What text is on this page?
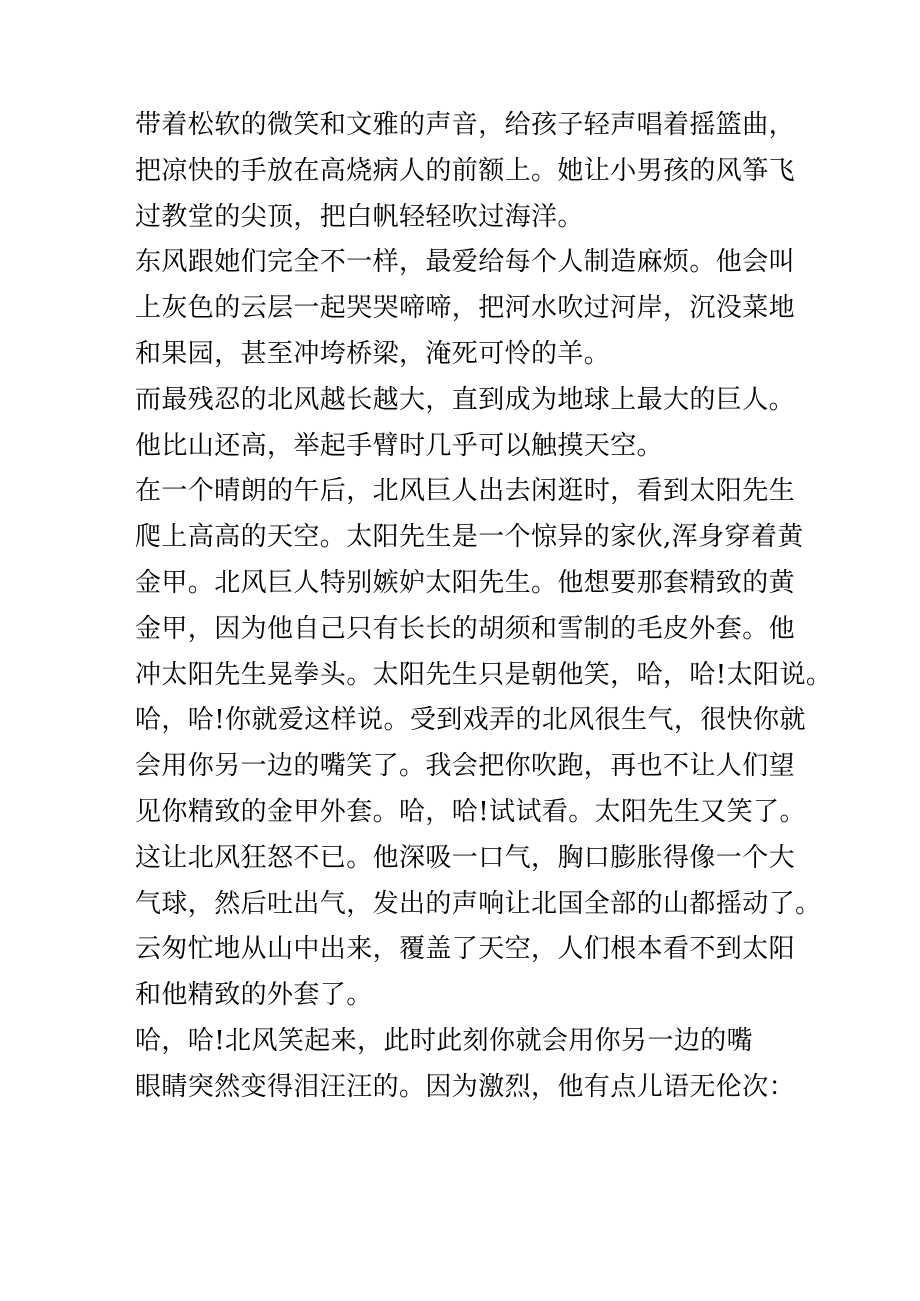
带着松软的微笑和文雅的声音，给孩子轻声唱着摇篮曲，
把凉快的手放在高烧病人的前额上。她让小男孩的风筝飞
过教堂的尖顶，把白帆轻轻吹过海洋。
东风跟她们完全不一样，最爱给每个人制造麻烦。他会叫
上灰色的云层一起哭哭啼啼，把河水吹过河岸，沉没菜地
和果园，甚至冲垮桥梁，淹死可怜的羊。
而最残忍的北风越长越大，直到成为地球上最大的巨人。
他比山还高，举起手臂时几乎可以触摸天空。
在一个晴朗的午后，北风巨人出去闲逛时，看到太阳先生
爬上高高的天空。太阳先生是一个惊异的家伙,浑身穿着黄
金甲。北风巨人特别嫉妒太阳先生。他想要那套精致的黄
金甲，因为他自己只有长长的胡须和雪制的毛皮外套。他
冲太阳先生晃拳头。太阳先生只是朝他笑，哈，哈!太阳说。
哈，哈!你就爱这样说。受到戏弄的北风很生气，很快你就
会用你另一边的嘴笑了。我会把你吹跑，再也不让人们望
见你精致的金甲外套。哈，哈!试试看。太阳先生又笑了。
这让北风狂怒不已。他深吸一口气，胸口膨胀得像一个大
气球，然后吐出气，发出的声响让北国全部的山都摇动了。
云匆忙地从山中出来，覆盖了天空，人们根本看不到太阳
和他精致的外套了。
哈，哈!北风笑起来，此时此刻你就会用你另一边的嘴
眼睛突然变得泪汪汪的。因为激烈，他有点儿语无伦次：
